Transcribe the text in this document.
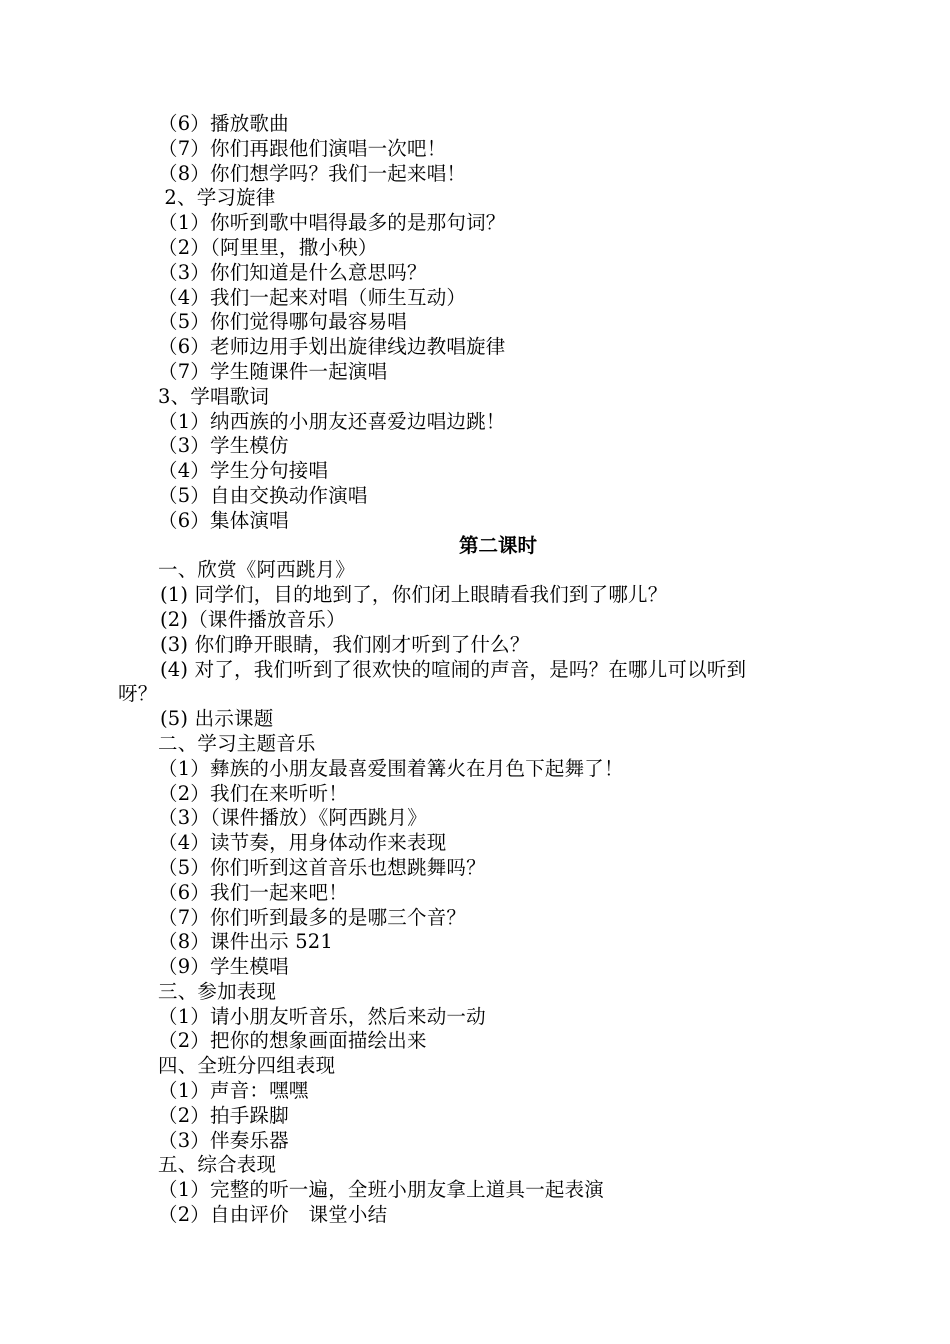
（6）播放歌曲
（7）你们再跟他们演唱一次吧！
（8）你们想学吗？我们一起来唱！
2、学习旋律
（1）你听到歌中唱得最多的是那句词？
（2）（阿里里，撒小秧）
（3）你们知道是什么意思吗？
（4）我们一起来对唱（师生互动）
（5）你们觉得哪句最容易唱
（6）老师边用手划出旋律线边教唱旋律
（7）学生随课件一起演唱
3、学唱歌词
（1）纳西族的小朋友还喜爱边唱边跳！
（3）学生模仿
（4）学生分句接唱
（5）自由交换动作演唱
（6）集体演唱
第二课时
一、欣赏《阿西跳月》
(1) 同学们，目的地到了，你们闭上眼睛看我们到了哪儿？
(2)（课件播放音乐）
(3) 你们睁开眼睛，我们刚才听到了什么？
(4) 对了，我们听到了很欢快的喧闹的声音，是吗？在哪儿可以听到
呀？
(5) 出示课题
二、学习主题音乐
（1）彝族的小朋友最喜爱围着篝火在月色下起舞了！
（2）我们在来听听！
（3）（课件播放）《阿西跳月》
（4）读节奏，用身体动作来表现
（5）你们听到这首音乐也想跳舞吗？
（6）我们一起来吧！
（7）你们听到最多的是哪三个音？
（8）课件出示 521
（9）学生模唱
三、参加表现
（1）请小朋友听音乐，然后来动一动
（2）把你的想象画面描绘出来
四、全班分四组表现
（1）声音：嘿嘿
（2）拍手跺脚
（3）伴奏乐器
五、综合表现
（1）完整的听一遍，全班小朋友拿上道具一起表演
（2）自由评价　课堂小结
